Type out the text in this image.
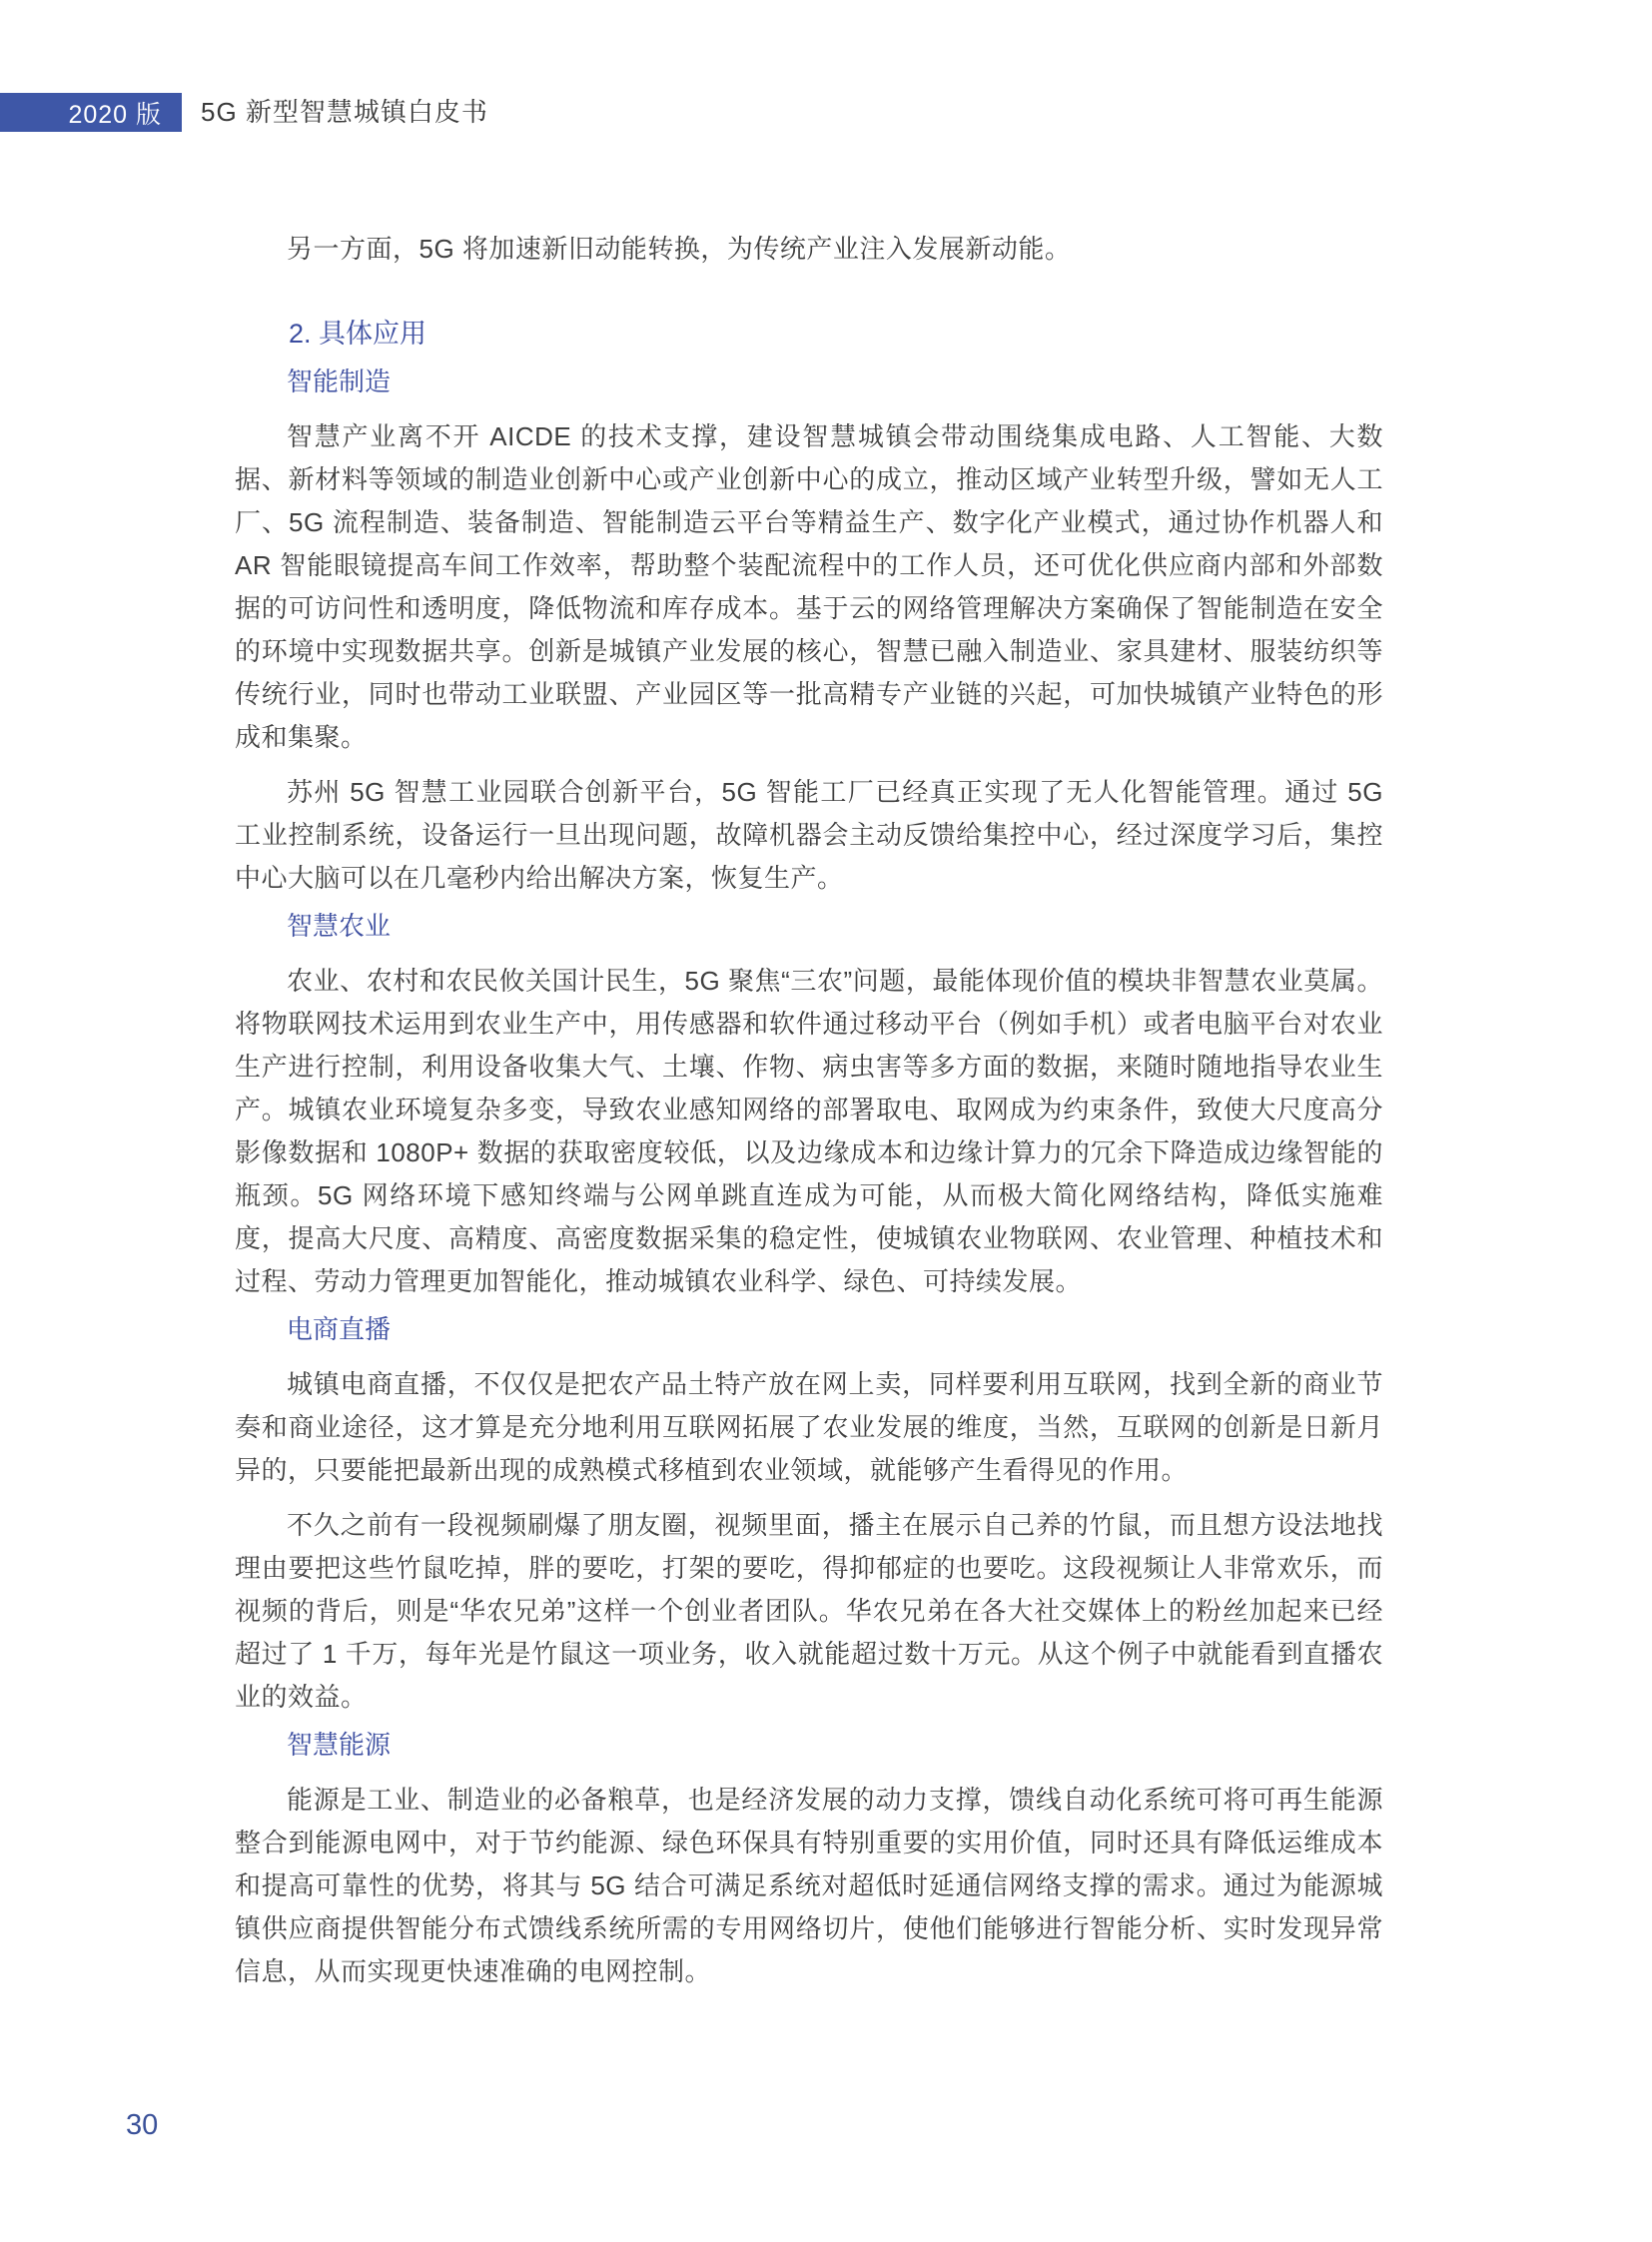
2020 版	5G 新型智慧城镇白皮书

另一方面，5G 将加速新旧动能转换，为传统产业注入发展新动能。

2. 具体应用
智能制造

智慧产业离不开 AICDE 的技术支撑，建设智慧城镇会带动围绕集成电路、人工智能、大数据、新材料等领域的制造业创新中心或产业创新中心的成立，推动区域产业转型升级，譬如无人工厂、5G 流程制造、装备制造、智能制造云平台等精益生产、数字化产业模式，通过协作机器人和 AR 智能眼镜提高车间工作效率，帮助整个装配流程中的工作人员，还可优化供应商内部和外部数据的可访问性和透明度，降低物流和库存成本。基于云的网络管理解决方案确保了智能制造在安全的环境中实现数据共享。创新是城镇产业发展的核心，智慧已融入制造业、家具建材、服装纺织等传统行业，同时也带动工业联盟、产业园区等一批高精专产业链的兴起，可加快城镇产业特色的形成和集聚。

苏州 5G 智慧工业园联合创新平台，5G 智能工厂已经真正实现了无人化智能管理。通过 5G 工业控制系统，设备运行一旦出现问题，故障机器会主动反馈给集控中心，经过深度学习后，集控中心大脑可以在几毫秒内给出解决方案，恢复生产。

智慧农业

农业、农村和农民攸关国计民生，5G 聚焦“三农”问题，最能体现价值的模块非智慧农业莫属。将物联网技术运用到农业生产中，用传感器和软件通过移动平台（例如手机）或者电脑平台对农业生产进行控制，利用设备收集大气、土壤、作物、病虫害等多方面的数据，来随时随地指导农业生产。城镇农业环境复杂多变，导致农业感知网络的部署取电、取网成为约束条件，致使大尺度高分影像数据和 1080P+ 数据的获取密度较低，以及边缘成本和边缘计算力的冗余下降造成边缘智能的瓶颈。5G 网络环境下感知终端与公网单跳直连成为可能，从而极大简化网络结构，降低实施难度，提高大尺度、高精度、高密度数据采集的稳定性，使城镇农业物联网、农业管理、种植技术和过程、劳动力管理更加智能化，推动城镇农业科学、绿色、可持续发展。

电商直播

城镇电商直播，不仅仅是把农产品土特产放在网上卖，同样要利用互联网，找到全新的商业节奏和商业途径，这才算是充分地利用互联网拓展了农业发展的维度，当然，互联网的创新是日新月异的，只要能把最新出现的成熟模式移植到农业领域，就能够产生看得见的作用。

不久之前有一段视频刷爆了朋友圈，视频里面，播主在展示自己养的竹鼠，而且想方设法地找理由要把这些竹鼠吃掉，胖的要吃，打架的要吃，得抑郁症的也要吃。这段视频让人非常欢乐，而视频的背后，则是“华农兄弟”这样一个创业者团队。华农兄弟在各大社交媒体上的粉丝加起来已经超过了 1 千万，每年光是竹鼠这一项业务，收入就能超过数十万元。从这个例子中就能看到直播农业的效益。

智慧能源

能源是工业、制造业的必备粮草，也是经济发展的动力支撑，馈线自动化系统可将可再生能源整合到能源电网中，对于节约能源、绿色环保具有特别重要的实用价值，同时还具有降低运维成本和提高可靠性的优势，将其与 5G 结合可满足系统对超低时延通信网络支撑的需求。通过为能源城镇供应商提供智能分布式馈线系统所需的专用网络切片，使他们能够进行智能分析、实时发现异常信息，从而实现更快速准确的电网控制。

30
